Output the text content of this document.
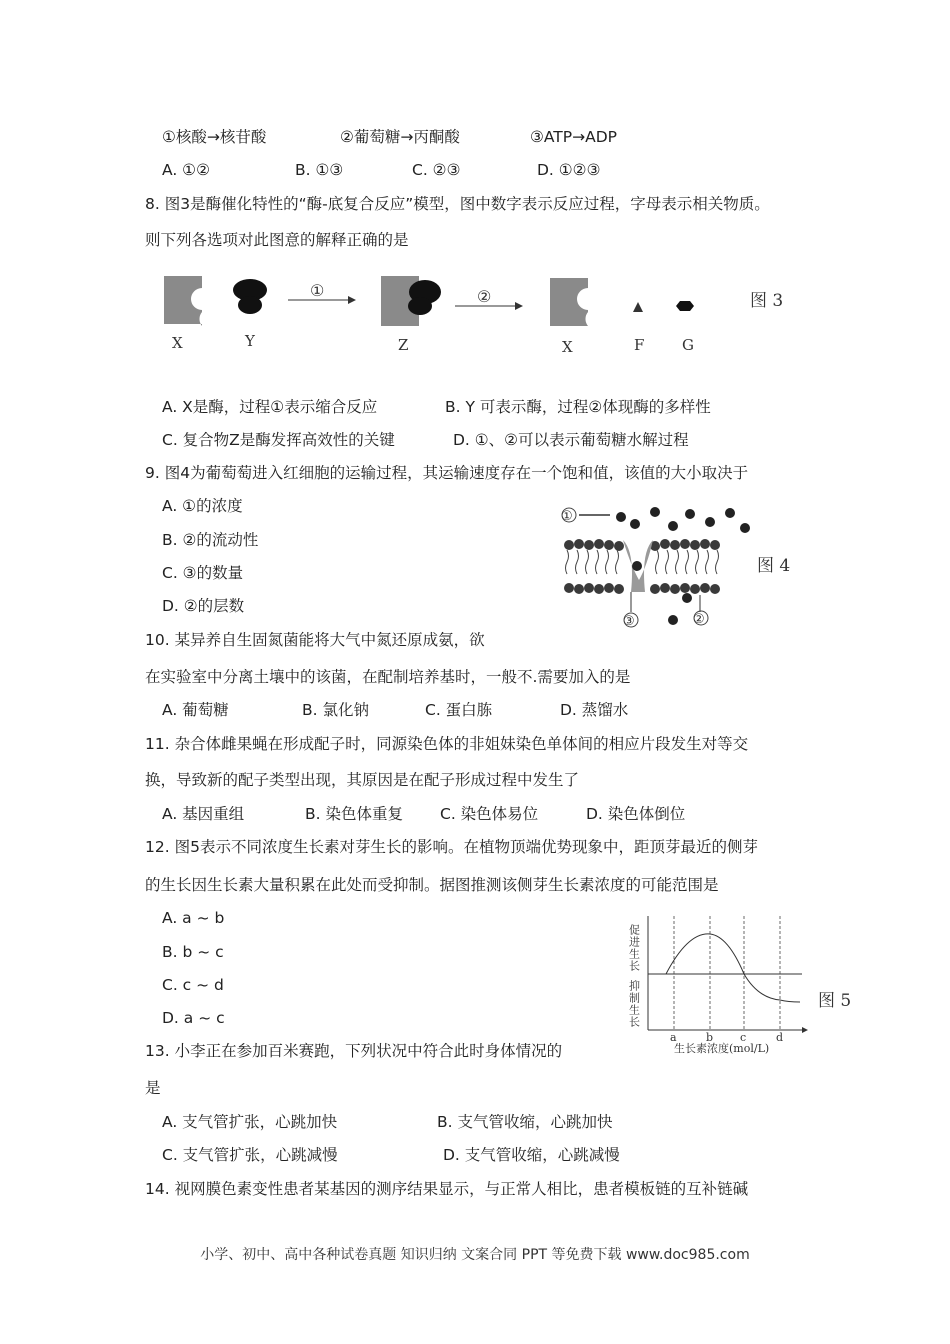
①核酸→核苷酸	②葡萄糖→丙酮酸	③ATP→ADP
A. ①②	B. ①③	C. ②③	D. ①②③
8. 图3是酶催化特性的“酶-底复合反应”模型，图中数字表示反应过程，字母表示相关物质。
则下列各选项对此图意的解释正确的是
①	②
X	Y	Z	X	F	G
图 3
A. X是酶，过程①表示缩合反应	B. Y 可表示酶，过程②体现酶的多样性
C. 复合物Z是酶发挥高效性的关键	D. ①、②可以表示葡萄糖水解过程
9. 图4为葡萄萄进入红细胞的运输过程，其运输速度存在一个饱和值，该值的大小取决于
A. ①的浓度
B. ②的流动性
C. ③的数量
D. ②的层数
①
③	②
图 4
10. 某异养自生固氮菌能将大气中氮还原成氨，欲
在实验室中分离土壤中的该菌，在配制培养基时，一般不.需要加入的是
A. 葡萄糖	B. 氯化钠	C. 蛋白胨	D. 蒸馏水
11. 杂合体雌果蝇在形成配子时，同源染色体的非姐妹染色单体间的相应片段发生对等交
换，导致新的配子类型出现，其原因是在配子形成过程中发生了
A. 基因重组	B. 染色体重复 C. 染色体易位	D. 染色体倒位
12. 图5表示不同浓度生长素对芽生长的影响。在植物顶端优势现象中，距顶芽最近的侧芽
的生长因生长素大量积累在此处而受抑制。据图推测该侧芽生长素浓度的可能范围是
A. a ~ b
B. b ~ c
C. c ~ d
D. a ~ c
促进生长
抑制生长
a	b c	d
生长素浓度(mol/L)
图 5
13. 小李正在参加百米赛跑，下列状况中符合此时身体情况的
是
A. 支气管扩张，心跳加快	B. 支气管收缩，心跳加快
C. 支气管扩张，心跳减慢	D. 支气管收缩，心跳减慢
14. 视网膜色素变性患者某基因的测序结果显示，与正常人相比，患者模板链的互补链碱
小学、初中、高中各种试卷真题 知识归纳 文案合同 PPT 等免费下载 www.doc985.com
